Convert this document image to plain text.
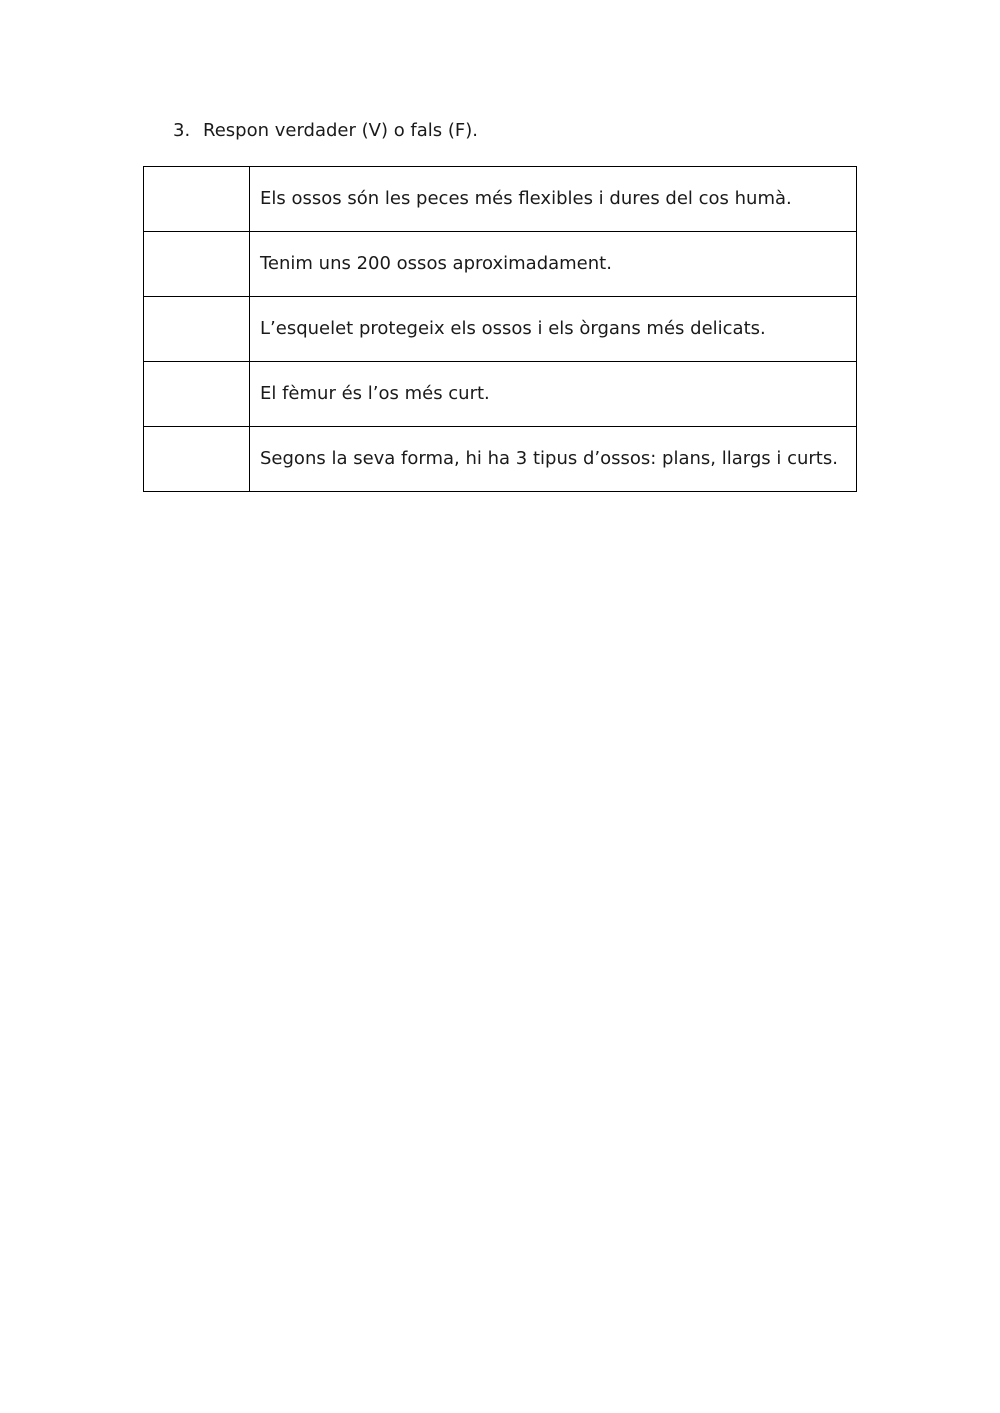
3. Respon verdader (V) o fals (F).
	Els ossos són les peces més flexibles i dures del cos humà.
	Tenim uns 200 ossos aproximadament.
	L’esquelet protegeix els ossos i els òrgans més delicats.
	El fèmur és l’os més curt.
	Segons la seva forma, hi ha 3 tipus d’ossos: plans, llargs i curts.
